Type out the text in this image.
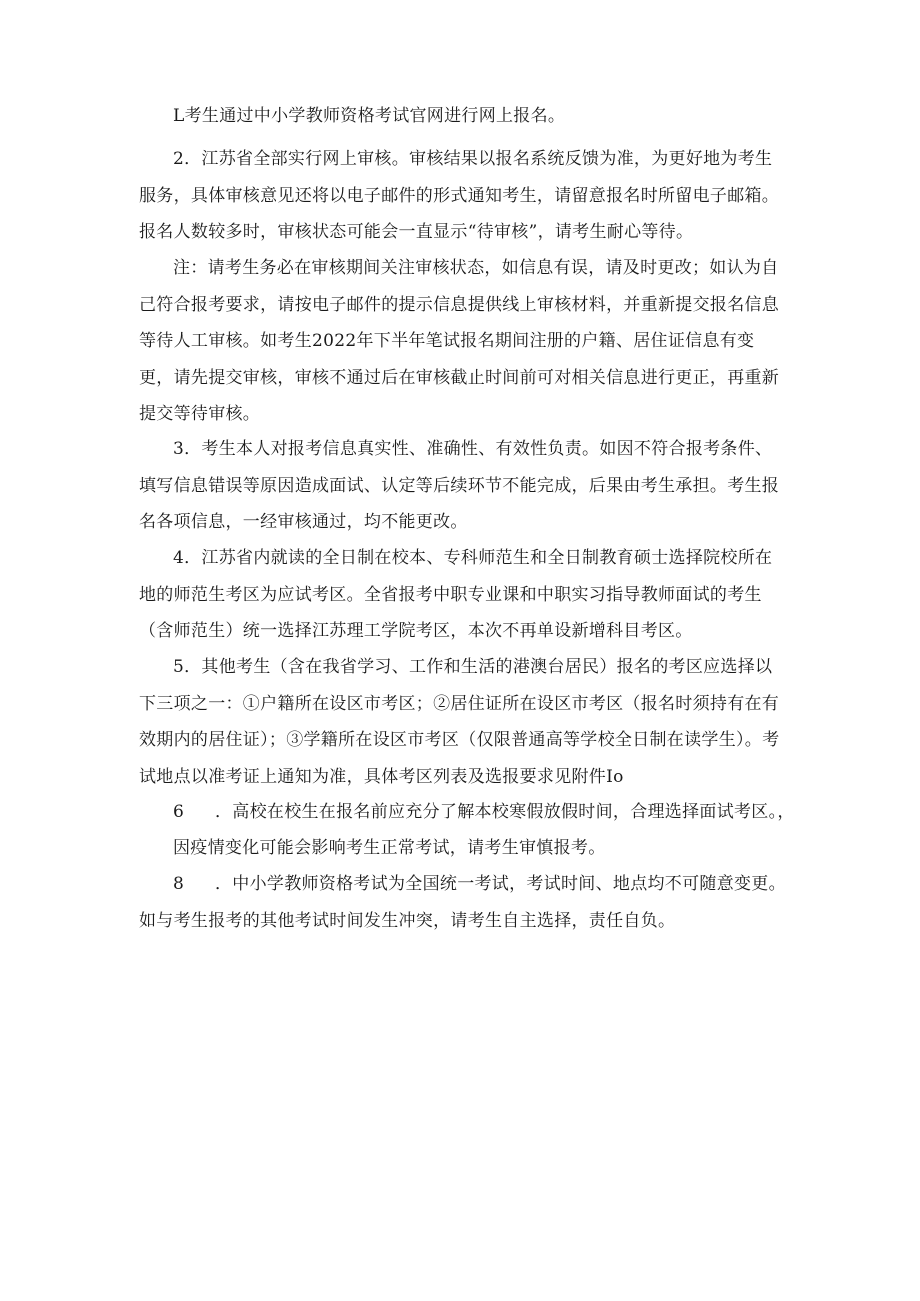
L考生通过中小学教师资格考试官网进行网上报名。

2．江苏省全部实行网上审核。审核结果以报名系统反馈为准，为更好地为考生服务，具体审核意见还将以电子邮件的形式通知考生，请留意报名时所留电子邮箱。报名人数较多时，审核状态可能会一直显示“待审核”，请考生耐心等待。

注：请考生务必在审核期间关注审核状态，如信息有误，请及时更改；如认为自己符合报考要求，请按电子邮件的提示信息提供线上审核材料，并重新提交报名信息等待人工审核。如考生2022年下半年笔试报名期间注册的户籍、居住证信息有变更，请先提交审核，审核不通过后在审核截止时间前可对相关信息进行更正，再重新提交等待审核。

3．考生本人对报考信息真实性、准确性、有效性负责。如因不符合报考条件、填写信息错误等原因造成面试、认定等后续环节不能完成，后果由考生承担。考生报名各项信息，一经审核通过，均不能更改。

4．江苏省内就读的全日制在校本、专科师范生和全日制教育硕士选择院校所在地的师范生考区为应试考区。全省报考中职专业课和中职实习指导教师面试的考生（含师范生）统一选择江苏理工学院考区，本次不再单设新增科目考区。

5．其他考生（含在我省学习、工作和生活的港澳台居民）报名的考区应选择以下三项之一：①户籍所在设区市考区；②居住证所在设区市考区（报名时须持有在有效期内的居住证）；③学籍所在设区市考区（仅限普通高等学校全日制在读学生）。考试地点以准考证上通知为准，具体考区列表及选报要求见附件Io

6 ．高校在校生在报名前应充分了解本校寒假放假时间，合理选择面试考区。，

因疫情变化可能会影响考生正常考试，请考生审慎报考。

8 ．中小学教师资格考试为全国统一考试，考试时间、地点均不可随意变更。

如与考生报考的其他考试时间发生冲突，请考生自主选择，责任自负。
